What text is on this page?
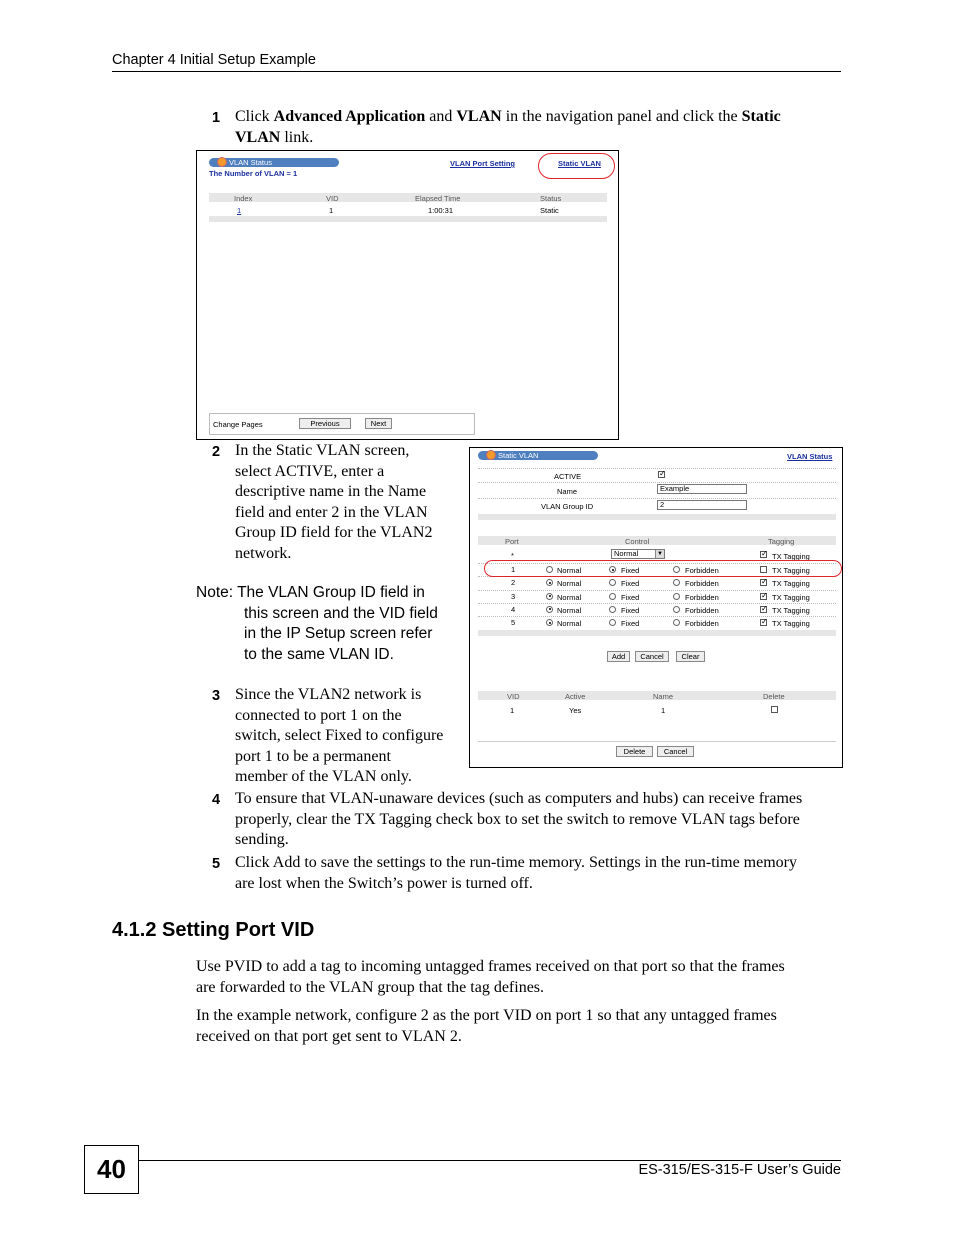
Chapter 4 Initial Setup Example
1 Click Advanced Application and VLAN in the navigation panel and click the Static
VLAN link.
VLAN Status
The Number of VLAN = 1
VLAN Port Setting	Static VLAN
Index	VID	Elapsed Time	Status
1	1	1:00:31	Static
Change Pages	Previous	Next
2 In the Static VLAN screen,
select ACTIVE, enter a
descriptive name in the Name
field and enter 2 in the VLAN
Group ID field for the VLAN2
network.
Note: The VLAN Group ID field in
this screen and the VID field
in the IP Setup screen refer
to the same VLAN ID.
3 Since the VLAN2 network is
connected to port 1 on the
switch, select Fixed to configure
port 1 to be a permanent
member of the VLAN only.
Static VLAN	VLAN Status
ACTIVE	✓
Name	Example
VLAN Group ID	2
Port	Control	Tagging
*	Normal	▼	✓ TX Tagging
1	Normal	Fixed	Forbidden	TX Tagging
2	Normal	Fixed	Forbidden	✓ TX Tagging
3	Normal	Fixed	Forbidden	✓ TX Tagging
4	Normal	Fixed	Forbidden	✓ TX Tagging
5	Normal	Fixed	Forbidden	✓ TX Tagging
Add	Cancel	Clear
VID	Active	Name	Delete
1	Yes	1
Delete	Cancel
4 To ensure that VLAN-unaware devices (such as computers and hubs) can receive frames
properly, clear the TX Tagging check box to set the switch to remove VLAN tags before
sending.
5 Click Add to save the settings to the run-time memory. Settings in the run-time memory
are lost when the Switch’s power is turned off.
4.1.2 Setting Port VID
Use PVID to add a tag to incoming untagged frames received on that port so that the frames
are forwarded to the VLAN group that the tag defines.
In the example network, configure 2 as the port VID on port 1 so that any untagged frames
received on that port get sent to VLAN 2.
40	ES-315/ES-315-F User’s Guide
